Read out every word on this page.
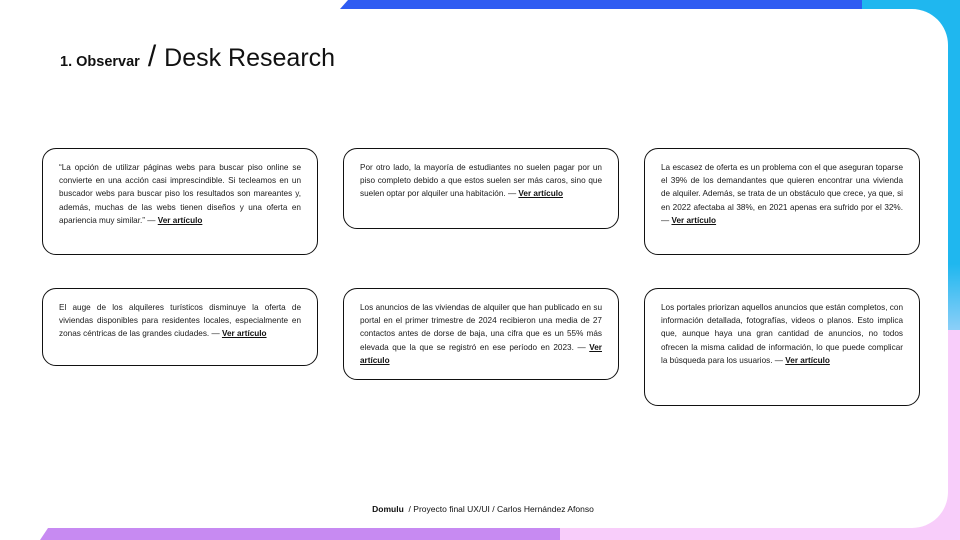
1. Observar / Desk Research
“La opción de utilizar páginas webs para buscar piso online se convierte en una acción casi imprescindible. Si tecleamos en un buscador webs para buscar piso los resultados son mareantes y, además, muchas de las webs tienen diseños y una oferta en apariencia muy similar.” — Ver artículo
Por otro lado, la mayoría de estudiantes no suelen pagar por un piso completo debido a que estos suelen ser más caros, sino que suelen optar por alquiler una habitación. — Ver artículo
La escasez de oferta es un problema con el que aseguran toparse el 39% de los demandantes que quieren encontrar una vivienda de alquiler. Además, se trata de un obstáculo que crece, ya que, si en 2022 afectaba al 38%, en 2021 apenas era sufrido por el 32%. — Ver artículo
El auge de los alquileres turísticos disminuye la oferta de viviendas disponibles para residentes locales, especialmente en zonas céntricas de las grandes ciudades. — Ver artículo
Los anuncios de las viviendas de alquiler que han publicado en su portal en el primer trimestre de 2024 recibieron una media de 27 contactos antes de dorse de baja, una cifra que es un 55% más elevada que la que se registró en ese período en 2023. — Ver artículo
Los portales priorizan aquellos anuncios que están completos, con información detallada, fotografías, videos o planos. Esto implica que, aunque haya una gran cantidad de anuncios, no todos ofrecen la misma calidad de información, lo que puede complicar la búsqueda para los usuarios. — Ver artículo
Domulu / Proyecto final UX/UI / Carlos Hernández Afonso
